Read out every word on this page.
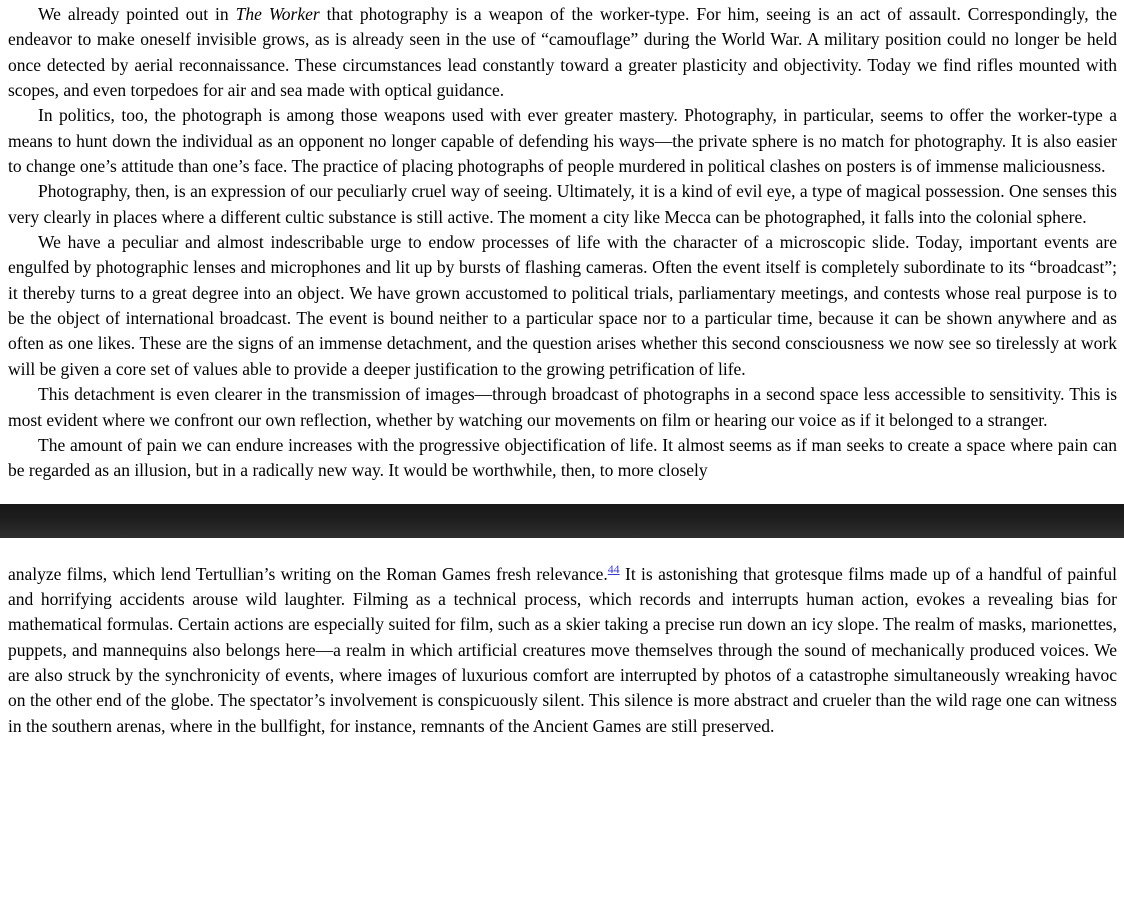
We already pointed out in The Worker that photography is a weapon of the worker-type. For him, seeing is an act of assault. Correspondingly, the endeavor to make oneself invisible grows, as is already seen in the use of “camouflage” during the World War. A military position could no longer be held once detected by aerial reconnaissance. These circumstances lead constantly toward a greater plasticity and objectivity. Today we find rifles mounted with scopes, and even torpedoes for air and sea made with optical guidance.

In politics, too, the photograph is among those weapons used with ever greater mastery. Photography, in particular, seems to offer the worker-type a means to hunt down the individual as an opponent no longer capable of defending his ways—the private sphere is no match for photography. It is also easier to change one’s attitude than one’s face. The practice of placing photographs of people murdered in political clashes on posters is of immense maliciousness.

Photography, then, is an expression of our peculiarly cruel way of seeing. Ultimately, it is a kind of evil eye, a type of magical possession. One senses this very clearly in places where a different cultic substance is still active. The moment a city like Mecca can be photographed, it falls into the colonial sphere.

We have a peculiar and almost indescribable urge to endow processes of life with the character of a microscopic slide. Today, important events are engulfed by photographic lenses and microphones and lit up by bursts of flashing cameras. Often the event itself is completely subordinate to its “broadcast”; it thereby turns to a great degree into an object. We have grown accustomed to political trials, parliamentary meetings, and contests whose real purpose is to be the object of international broadcast. The event is bound neither to a particular space nor to a particular time, because it can be shown anywhere and as often as one likes. These are the signs of an immense detachment, and the question arises whether this second consciousness we now see so tirelessly at work will be given a core set of values able to provide a deeper justification to the growing petrification of life.

This detachment is even clearer in the transmission of images—through broadcast of photographs in a second space less accessible to sensitivity. This is most evident where we confront our own reflection, whether by watching our movements on film or hearing our voice as if it belonged to a stranger.

The amount of pain we can endure increases with the progressive objectification of life. It almost seems as if man seeks to create a space where pain can be regarded as an illusion, but in a radically new way. It would be worthwhile, then, to more closely

analyze films, which lend Tertullian’s writing on the Roman Games fresh relevance.$^{44}$ It is astonishing that grotesque films made up of a handful of painful and horrifying accidents arouse wild laughter. Filming as a technical process, which records and interrupts human action, evokes a revealing bias for mathematical formulas. Certain actions are especially suited for film, such as a skier taking a precise run down an icy slope. The realm of masks, marionettes, puppets, and mannequins also belongs here—a realm in which artificial creatures move themselves through the sound of mechanically produced voices. We are also struck by the synchronicity of events, where images of luxurious comfort are interrupted by photos of a catastrophe simultaneously wreaking havoc on the other end of the globe. The spectator’s involvement is conspicuously silent. This silence is more abstract and crueler than the wild rage one can witness in the southern arenas, where in the bullfight, for instance, remnants of the Ancient Games are still preserved.
